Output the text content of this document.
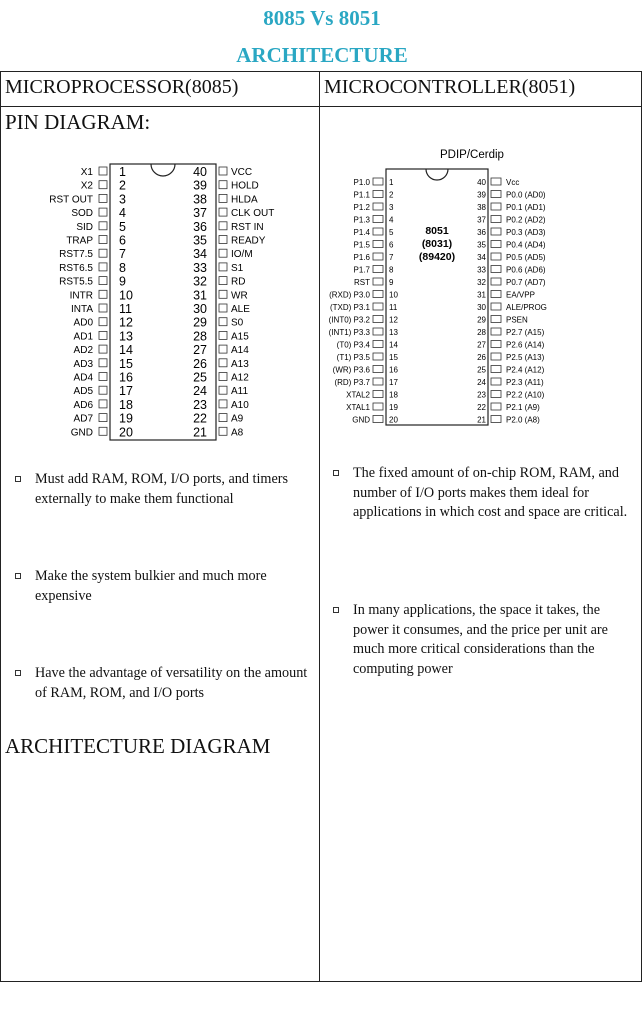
8085 Vs 8051
ARCHITECTURE
MICROPROCESSOR(8085)	MICROCONTROLLER(8051)
PIN DIAGRAM:
X1 1
X2 2
RST OUT 3
SOD 4
SID 5
TRAP 6
RST7.5 7
RST6.5 8
RST5.5 9
INTR 10
INTA 11
AD0 12
AD1 13
AD2 14
AD3 15
AD4 16
AD5 17
AD6 18
AD7 19
GND 20
40 VCC
39 HOLD
38 HLDA
37 CLK OUT
36 RST IN
35 READY
34 IO/M
33 S1
32 RD
31 WR
30 ALE
29 S0
28 A15
27 A14
26 A13
25 A12
24 A11
23 A10
22 A9
21 A8
PDIP/Cerdip
8051
(8031)
(89420)
P1.0 1
P1.1 2
P1.2 3
P1.3 4
P1.4 5
P1.5 6
P1.6 7
P1.7 8
RST 9
(RXD) P3.0 10
(TXD) P3.1 11
(INT0) P3.2 12
(INT1) P3.3 13
(T0) P3.4 14
(T1) P3.5 15
(WR) P3.6 16
(RD) P3.7 17
XTAL2 18
XTAL1 19
GND 20
40	Vcc
39	P0.0 (AD0)
38	P0.1 (AD1)
37	P0.2 (AD2)
36	P0.3 (AD3)
35	P0.4 (AD4)
34	P0.5 (AD5)
33	P0.6 (AD6)
32	P0.7 (AD7)
31	EA/VPP
30	ALE/PROG
29	PSEN
28	P2.7 (A15)
27	P2.6 (A14)
26	P2.5 (A13)
25	P2.4 (A12)
24	P2.3 (A11)
23	P2.2 (A10)
22	P2.1 (A9)
21	P2.0 (A8)
Must add RAM, ROM, I/O ports, and timers externally to make them functional
Make the system bulkier and much more expensive
Have the advantage of versatility on the amount of RAM, ROM, and I/O ports
The fixed amount of on-chip ROM, RAM, and number of I/O ports makes them ideal for applications in which cost and space are critical.
In many applications, the space it takes, the power it consumes, and the price per unit are much more critical considerations than the computing power
ARCHITECTURE DIAGRAM
